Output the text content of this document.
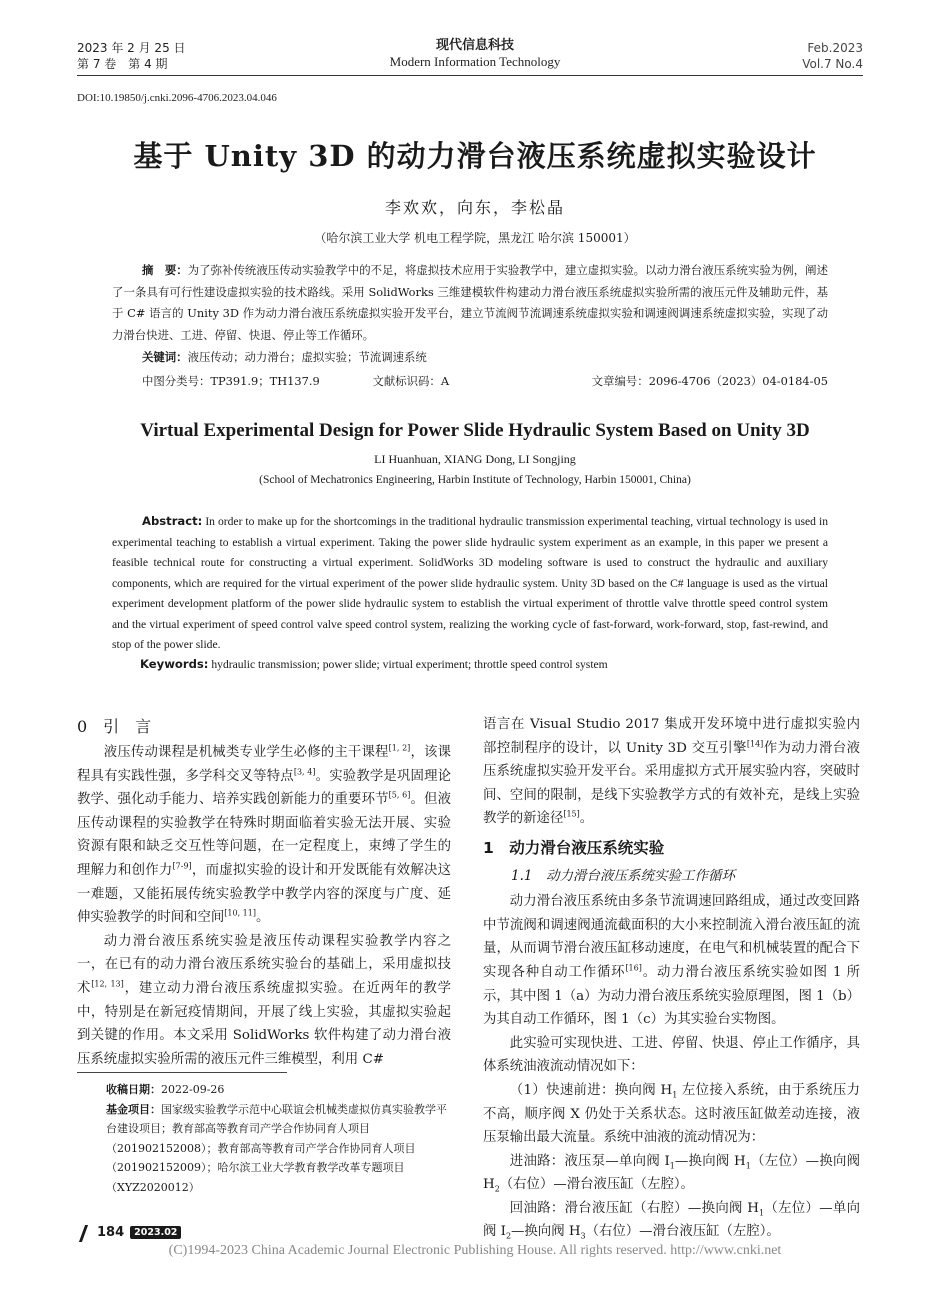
2023 年 2 月 25 日
第 7 卷　第 4 期
现代信息科技
Modern Information Technology
Feb.2023
Vol.7 No.4
DOI:10.19850/j.cnki.2096-4706.2023.04.046
基于 Unity 3D 的动力滑台液压系统虚拟实验设计
李欢欢，向东，李松晶
（哈尔滨工业大学 机电工程学院，黑龙江 哈尔滨 150001）
摘　要：为了弥补传统液压传动实验教学中的不足，将虚拟技术应用于实验教学中，建立虚拟实验。以动力滑台液压系统实验为例，阐述了一条具有可行性建设虚拟实验的技术路线。采用 SolidWorks 三维建模软件构建动力滑台液压系统虚拟实验所需的液压元件及辅助元件，基于 C# 语言的 Unity 3D 作为动力滑台液压系统虚拟实验开发平台，建立节流阀节流调速系统虚拟实验和调速阀调速系统虚拟实验，实现了动力滑台快进、工进、停留、快退、停止等工作循环。
关键词：液压传动；动力滑台；虚拟实验；节流调速系统
中图分类号：TP391.9；TH137.9	文献标识码：A	文章编号：2096-4706（2023）04-0184-05
Virtual Experimental Design for Power Slide Hydraulic System Based on Unity 3D
LI Huanhuan, XIANG Dong, LI Songjing
(School of Mechatronics Engineering, Harbin Institute of Technology, Harbin 150001, China)
Abstract: In order to make up for the shortcomings in the traditional hydraulic transmission experimental teaching, virtual technology is used in experimental teaching to establish a virtual experiment. Taking the power slide hydraulic system experiment as an example, in this paper we present a feasible technical route for constructing a virtual experiment. SolidWorks 3D modeling software is used to construct the hydraulic and auxiliary components, which are required for the virtual experiment of the power slide hydraulic system. Unity 3D based on the C# language is used as the virtual experiment development platform of the power slide hydraulic system to establish the virtual experiment of throttle valve throttle speed control system and the virtual experiment of speed control valve speed control system, realizing the working cycle of fast-forward, work-forward, stop, fast-rewind, and stop of the power slide.
Keywords: hydraulic transmission; power slide; virtual experiment; throttle speed control system
0　引　言

液压传动课程是机械类专业学生必修的主干课程[1, 2]，该课程具有实践性强，多学科交叉等特点[3, 4]。实验教学是巩固理论教学、强化动手能力、培养实践创新能力的重要环节[5, 6]。但液压传动课程的实验教学在特殊时期面临着实验无法开展、实验资源有限和缺乏交互性等问题，在一定程度上，束缚了学生的理解力和创作力[7-9]，而虚拟实验的设计和开发既能有效解决这一难题，又能拓展传统实验教学中教学内容的深度与广度、延伸实验教学的时间和空间[10, 11]。

动力滑台液压系统实验是液压传动课程实验教学内容之一，在已有的动力滑台液压系统实验台的基础上，采用虚拟技术[12, 13]，建立动力滑台液压系统虚拟实验。在近两年的教学中，特别是在新冠疫情期间，开展了线上实验，其虚拟实验起到关键的作用。本文采用 SolidWorks 软件构建了动力滑台液压系统虚拟实验所需的液压元件三维模型，利用 C#

收稿日期：2022-09-26

基金项目：国家级实验教学示范中心联谊会机械类虚拟仿真实验教学平台建设项目；教育部高等教育司产学合作协同育人项目（201902152008）；教育部高等教育司产学合作协同育人项目（201902152009）；哈尔滨工业大学教育教学改革专题项目（XYZ2020012）

语言在 Visual Studio 2017 集成开发环境中进行虚拟实验内部控制程序的设计，以 Unity 3D 交互引擎[14]作为动力滑台液压系统虚拟实验开发平台。采用虚拟方式开展实验内容，突破时间、空间的限制，是线下实验教学方式的有效补充，是线上实验教学的新途径[15]。

1　动力滑台液压系统实验
1.1　动力滑台液压系统实验工作循环

动力滑台液压系统由多条节流调速回路组成，通过改变回路中节流阀和调速阀通流截面积的大小来控制流入滑台液压缸的流量，从而调节滑台液压缸移动速度，在电气和机械装置的配合下实现各种自动工作循环[16]。动力滑台液压系统实验如图 1 所示，其中图 1（a）为动力滑台液压系统实验原理图，图 1（b）为其自动工作循环，图 1（c）为其实验台实物图。

此实验可实现快进、工进、停留、快退、停止工作循序，具体系统油液流动情况如下：

（1）快速前进：换向阀 $H_1$ 左位接入系统，由于系统压力不高，顺序阀 X 仍处于关系状态。这时液压缸做差动连接，液压泵输出最大流量。系统中油液的流动情况为：

进油路：液压泵—单向阀 $I_1—$换向阀 $H_1$（左位）—换向阀 $H_2$（右位）—滑台液压缸（左腔）。

回油路：滑台液压缸（右腔）—换向阀 $H_1$（左位）—单向阀 $I_2—$换向阀 $H_3$（右位）—滑台液压缸（左腔）。

184	2023.02
(C)1994-2023 China Academic Journal Electronic Publishing House. All rights reserved. http://www.cnki.net
